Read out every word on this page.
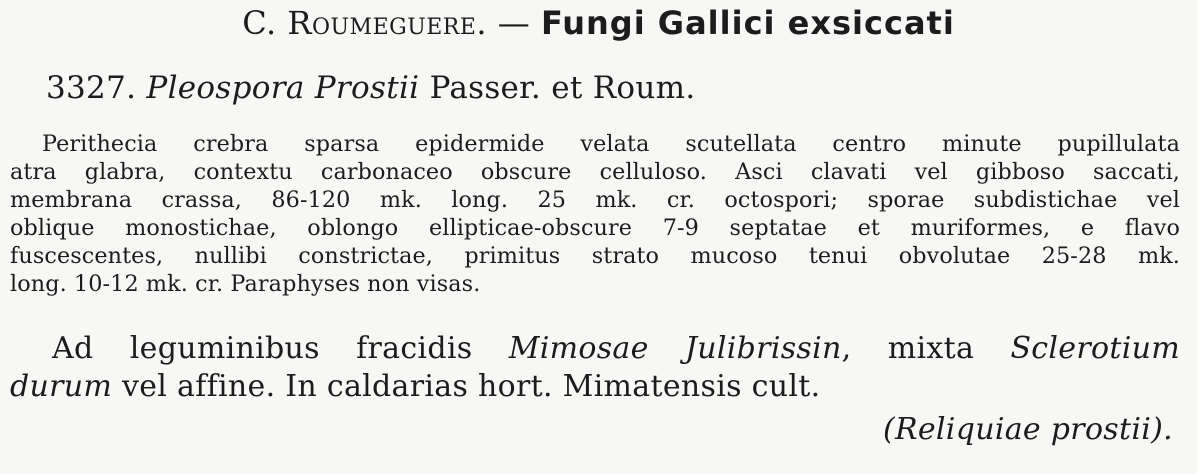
C. Roumeguere. — Fungi Gallici exsiccati
3327. Pleospora Prostii Passer. et Roum.
Perithecia crebra sparsa epidermide velata scutellata centro minute pupillulata
atra glabra, contextu carbonaceo obscure celluloso. Asci clavati vel gibboso saccati,
membrana crassa, 86-120 mk. long. 25 mk. cr. octospori; sporae subdistichae vel
oblique monostichae, oblongo ellipticae-obscure 7-9 septatae et muriformes, e flavo
fuscescentes, nullibi constrictae, primitus strato mucoso tenui obvolutae 25-28 mk.
long. 10-12 mk. cr. Paraphyses non visas.
Ad leguminibus fracidis Mimosae Julibrissin, mixta Sclerotium
durum vel affine. In caldarias hort. Mimatensis cult.
(Reliquiae prostii).
